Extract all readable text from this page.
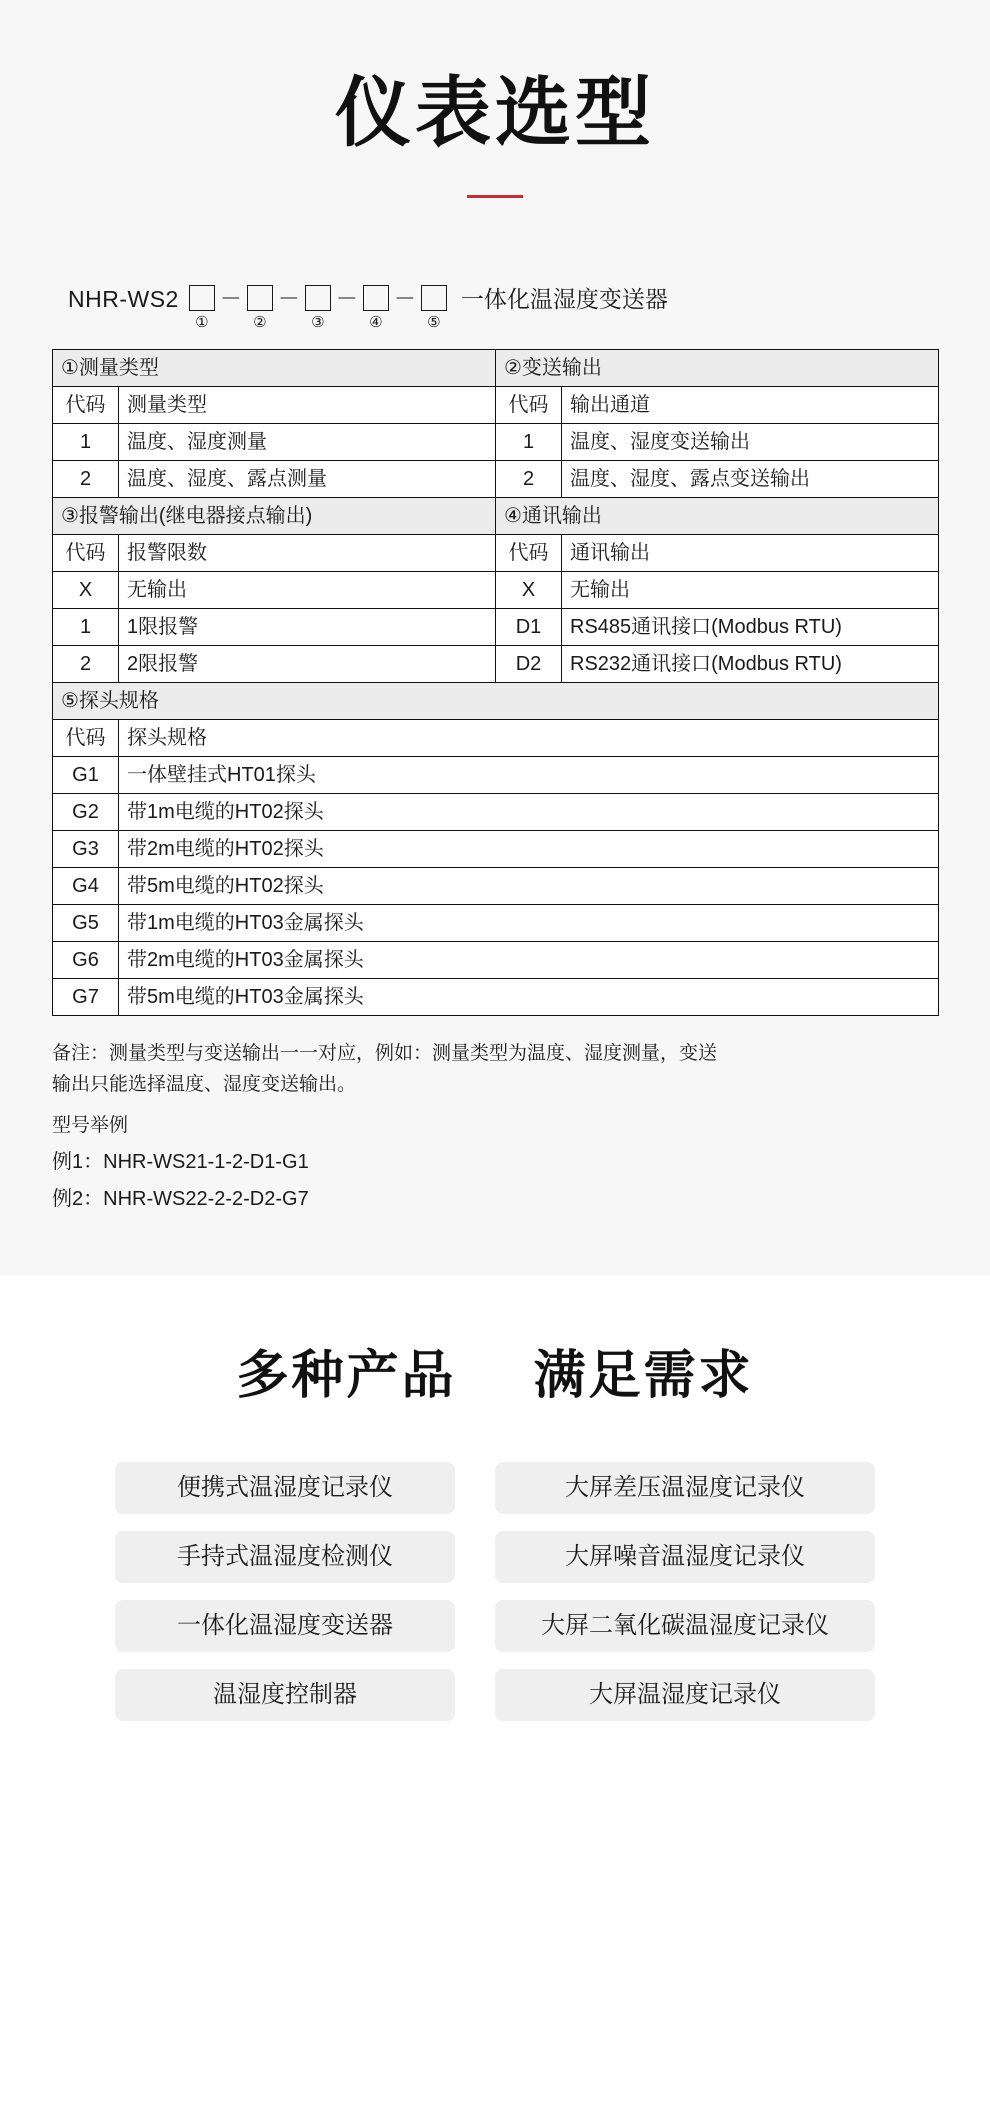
仪表选型
NHR-WS2
①
－
②
－
③
－
④
－
⑤
一体化温湿度变送器
①测量类型		②变送输出	
代码	测量类型	代码	输出通道
1	温度、湿度测量	1	温度、湿度变送输出
2	温度、湿度、露点测量	2	温度、湿度、露点变送输出
③报警输出(继电器接点输出)		④通讯输出	
代码	报警限数	代码	通讯输出
X	无输出	X	无输出
1	1限报警	D1	RS485通讯接口(Modbus RTU)
2	2限报警	D2	RS232通讯接口(Modbus RTU)
⑤探头规格			
代码	探头规格		
G1	一体壁挂式HT01探头		
G2	带1m电缆的HT02探头		
G3	带2m电缆的HT02探头		
G4	带5m电缆的HT02探头		
G5	带1m电缆的HT03金属探头		
G6	带2m电缆的HT03金属探头		
G7	带5m电缆的HT03金属探头		

备注：测量类型与变送输出一一对应，例如：测量类型为温度、湿度测量，变送

输出只能选择温度、湿度变送输出。

型号举例

例1：NHR-WS21-1-2-D1-G1

例2：NHR-WS22-2-2-D2-G7

多种产品 满足需求
便携式温湿度记录仪
手持式温湿度检测仪
一体化温湿度变送器
温湿度控制器
大屏差压温湿度记录仪
大屏噪音温湿度记录仪
大屏二氧化碳温湿度记录仪
大屏温湿度记录仪
